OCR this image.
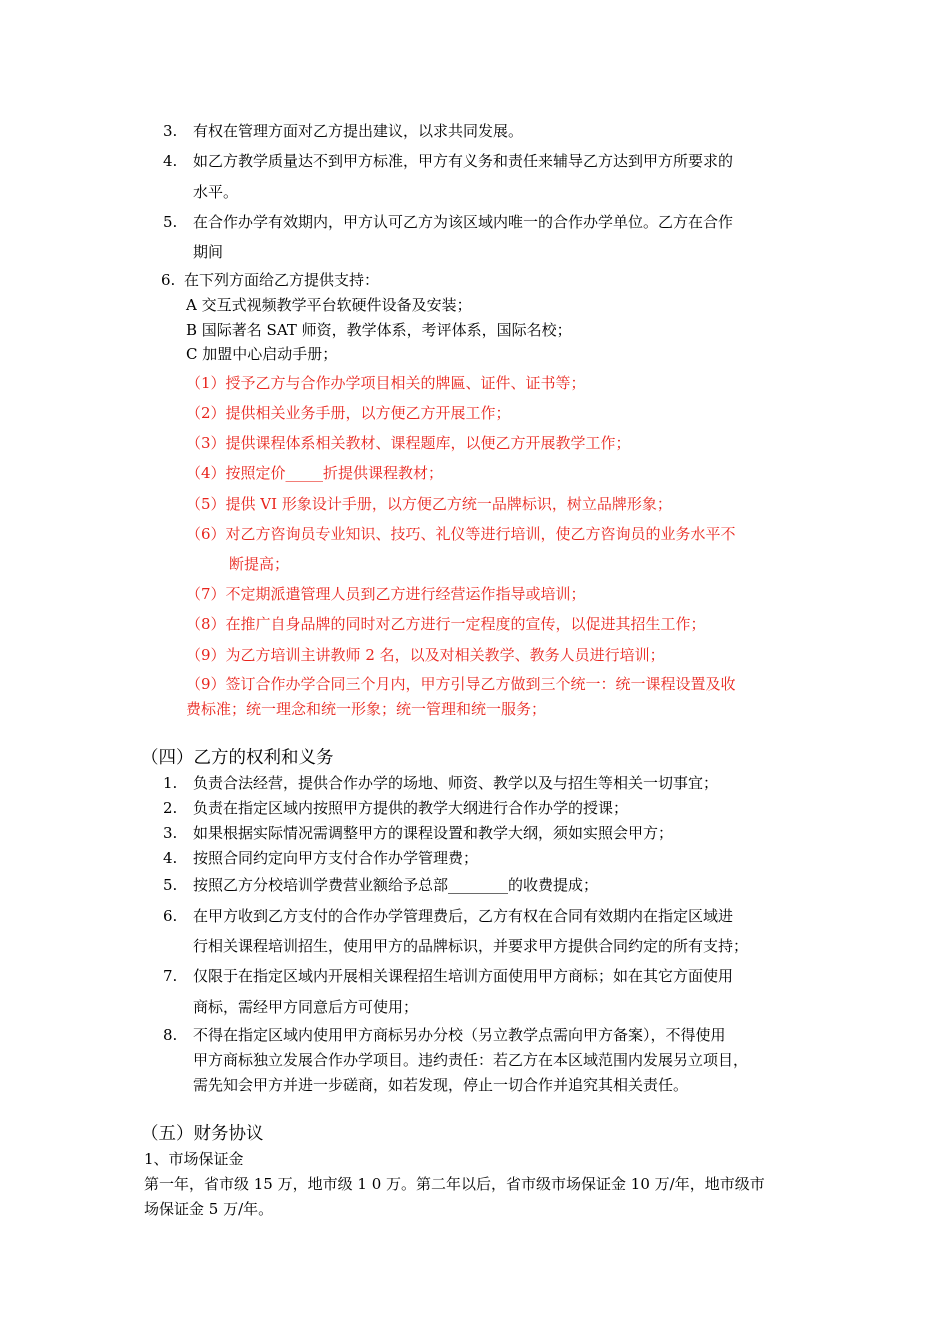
3. 有权在管理方面对乙方提出建议，以求共同发展。
4. 如乙方教学质量达不到甲方标准，甲方有义务和责任来辅导乙方达到甲方所要求的
水平。
5. 在合作办学有效期内，甲方认可乙方为该区域内唯一的合作办学单位。乙方在合作
期间
6. 在下列方面给乙方提供支持：
A 交互式视频教学平台软硬件设备及安装；
B 国际著名 SAT 师资，教学体系，考评体系，国际名校；
C 加盟中心启动手册；
（1）授予乙方与合作办学项目相关的牌匾、证件、证书等；
（2）提供相关业务手册，以方便乙方开展工作；
（3）提供课程体系相关教材、课程题库，以便乙方开展教学工作；
（4）按照定价_____折提供课程教材；
（5）提供 VI 形象设计手册，以方便乙方统一品牌标识，树立品牌形象；
（6）对乙方咨询员专业知识、技巧、礼仪等进行培训，使乙方咨询员的业务水平不
断提高；
（7）不定期派遣管理人员到乙方进行经营运作指导或培训；
（8）在推广自身品牌的同时对乙方进行一定程度的宣传，以促进其招生工作；
（9）为乙方培训主讲教师 2 名，以及对相关教学、教务人员进行培训；
（9）签订合作办学合同三个月内，甲方引导乙方做到三个统一：统一课程设置及收
费标准；统一理念和统一形象；统一管理和统一服务；
（四）乙方的权利和义务
1. 负责合法经营，提供合作办学的场地、师资、教学以及与招生等相关一切事宜；
2. 负责在指定区域内按照甲方提供的教学大纲进行合作办学的授课；
3. 如果根据实际情况需调整甲方的课程设置和教学大纲，须如实照会甲方；
4. 按照合同约定向甲方支付合作办学管理费；
5. 按照乙方分校培训学费营业额给予总部________的收费提成；
6. 在甲方收到乙方支付的合作办学管理费后，乙方有权在合同有效期内在指定区域进
行相关课程培训招生，使用甲方的品牌标识，并要求甲方提供合同约定的所有支持；
7. 仅限于在指定区域内开展相关课程招生培训方面使用甲方商标；如在其它方面使用
商标，需经甲方同意后方可使用；
8. 不得在指定区域内使用甲方商标另办分校（另立教学点需向甲方备案），不得使用
甲方商标独立发展合作办学项目。违约责任：若乙方在本区域范围内发展另立项目，
需先知会甲方并进一步磋商，如若发现，停止一切合作并追究其相关责任。
（五）财务协议
1、市场保证金
第一年，省市级 15 万，地市级 1 0 万。第二年以后，省市级市场保证金 10 万/年，地市级市
场保证金 5 万/年。
